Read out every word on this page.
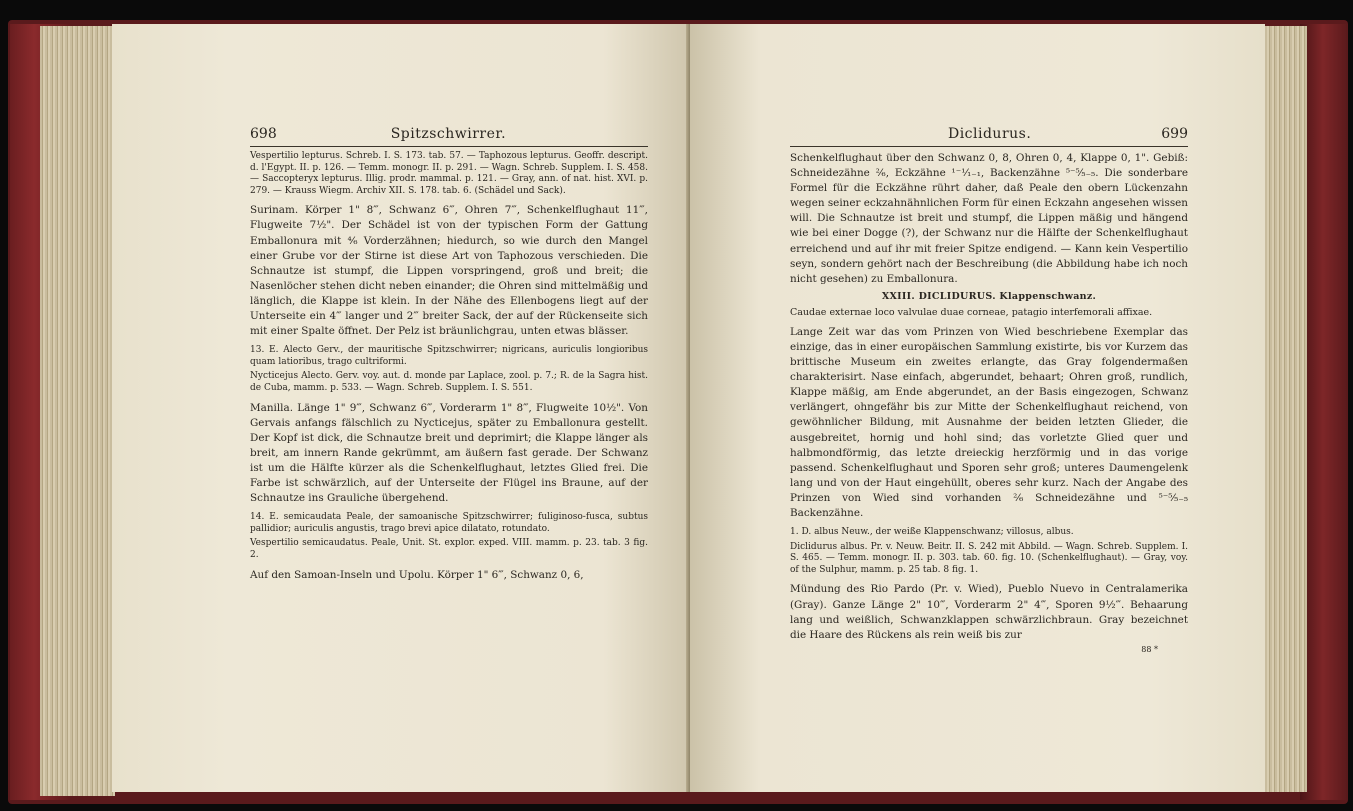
698	Spitzschwirrer.

Vespertilio lepturus. Schreb. I. S. 173. tab. 57. — Taphozous lepturus. Geoffr. descript. d. l'Egypt. II. p. 126. — Temm. monogr. II. p. 291. — Wagn. Schreb. Supplem. I. S. 458. — Saccopteryx lepturus. Illig. prodr. mammal. p. 121. — Gray, ann. of nat. hist. XVI. p. 279. — Krauss Wiegm. Archiv XII. S. 178. tab. 6. (Schädel und Sack).

Surinam. Körper 1" 8‴, Schwanz 6‴, Ohren 7‴, Schenkelflughaut 11‴, Flugweite 7½". Der Schädel ist von der typischen Form der Gattung Emballonura mit ⁴⁄₆ Vorderzähnen; hiedurch, so wie durch den Mangel einer Grube vor der Stirne ist diese Art von Taphozous verschieden. Die Schnautze ist stumpf, die Lippen vorspringend, groß und breit; die Nasenlöcher stehen dicht neben einander; die Ohren sind mittelmäßig und länglich, die Klappe ist klein. In der Nähe des Ellenbogens liegt auf der Unterseite ein 4‴ langer und 2‴ breiter Sack, der auf der Rückenseite sich mit einer Spalte öffnet. Der Pelz ist bräunlichgrau, unten etwas blässer.

13. E. Alecto Gerv., der mauritische Spitzschwirrer; nigricans, auriculis longioribus quam latioribus, trago cultriformi.

Nycticejus Alecto. Gerv. voy. aut. d. monde par Laplace, zool. p. 7.; R. de la Sagra hist. de Cuba, mamm. p. 533. — Wagn. Schreb. Supplem. I. S. 551.

Manilla. Länge 1" 9‴, Schwanz 6‴, Vorderarm 1" 8‴, Flugweite 10½". Von Gervais anfangs fälschlich zu Nycticejus, später zu Emballonura gestellt. Der Kopf ist dick, die Schnautze breit und deprimirt; die Klappe länger als breit, am innern Rande gekrümmt, am äußern fast gerade. Der Schwanz ist um die Hälfte kürzer als die Schenkelflughaut, letztes Glied frei. Die Farbe ist schwärzlich, auf der Unterseite der Flügel ins Braune, auf der Schnautze ins Grauliche übergehend.

14. E. semicaudata Peale, der samoanische Spitzschwirrer; fuliginoso-fusca, subtus pallidior; auriculis angustis, trago brevi apice dilatato, rotundato.

Vespertilio semicaudatus. Peale, Unit. St. explor. exped. VIII. mamm. p. 23. tab. 3 fig. 2.

Auf den Samoan-Inseln und Upolu. Körper 1" 6‴, Schwanz 0, 6,

Diclidurus.	699

Schenkelflughaut über den Schwanz 0, 8, Ohren 0, 4, Klappe 0, 1". Gebiß: Schneidezähne ²⁄₆, Eckzähne ¹⁻¹⁄₁₋₁, Backenzähne ⁵⁻⁵⁄₅₋₅. Die sonderbare Formel für die Eckzähne rührt daher, daß Peale den obern Lückenzahn wegen seiner eckzahnähnlichen Form für einen Eckzahn angesehen wissen will. Die Schnautze ist breit und stumpf, die Lippen mäßig und hängend wie bei einer Dogge (?), der Schwanz nur die Hälfte der Schenkelflughaut erreichend und auf ihr mit freier Spitze endigend. — Kann kein Vespertilio seyn, sondern gehört nach der Beschreibung (die Abbildung habe ich noch nicht gesehen) zu Emballonura.

XXIII. DICLIDURUS. Klappenschwanz.

Caudae externae loco valvulae duae corneae, patagio interfemorali affixae.

Lange Zeit war das vom Prinzen von Wied beschriebene Exemplar das einzige, das in einer europäischen Sammlung existirte, bis vor Kurzem das brittische Museum ein zweites erlangte, das Gray folgendermaßen charakterisirt. Nase einfach, abgerundet, behaart; Ohren groß, rundlich, Klappe mäßig, am Ende abgerundet, an der Basis eingezogen, Schwanz verlängert, ohngefähr bis zur Mitte der Schenkelflughaut reichend, von gewöhnlicher Bildung, mit Ausnahme der beiden letzten Glieder, die ausgebreitet, hornig und hohl sind; das vorletzte Glied quer und halbmondförmig, das letzte dreieckig herzförmig und in das vorige passend. Schenkelflughaut und Sporen sehr groß; unteres Daumengelenk lang und von der Haut eingehüllt, oberes sehr kurz. Nach der Angabe des Prinzen von Wied sind vorhanden ²⁄₆ Schneidezähne und ⁵⁻⁵⁄₅₋₅ Backenzähne.

1. D. albus Neuw., der weiße Klappenschwanz; villosus, albus.

Diclidurus albus. Pr. v. Neuw. Beitr. II. S. 242 mit Abbild. — Wagn. Schreb. Supplem. I. S. 465. — Temm. monogr. II. p. 303. tab. 60. fig. 10. (Schenkelflughaut). — Gray, voy. of the Sulphur, mamm. p. 25 tab. 8 fig. 1.

Mündung des Rio Pardo (Pr. v. Wied), Pueblo Nuevo in Centralamerika (Gray). Ganze Länge 2" 10‴, Vorderarm 2" 4‴, Sporen 9½‴. Behaarung lang und weißlich, Schwanzklappen schwärzlichbraun. Gray bezeichnet die Haare des Rückens als rein weiß bis zur

88 *
